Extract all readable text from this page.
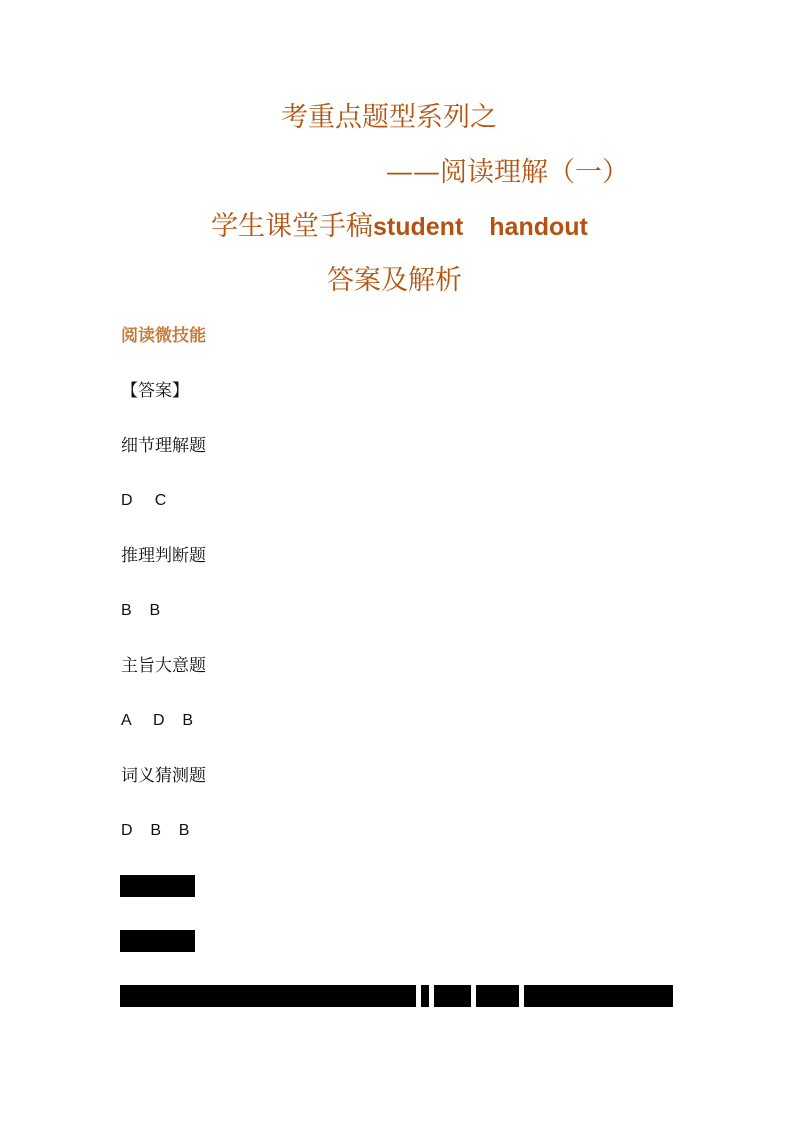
考重点题型系列之
——阅读理解（一）
学生课堂手稿student handout
答案及解析
阅读微技能
【答案】
细节理解题
D     C
推理判断题
B    B
主旨大意题
A     D    B
词义猜测题
D    B    B
